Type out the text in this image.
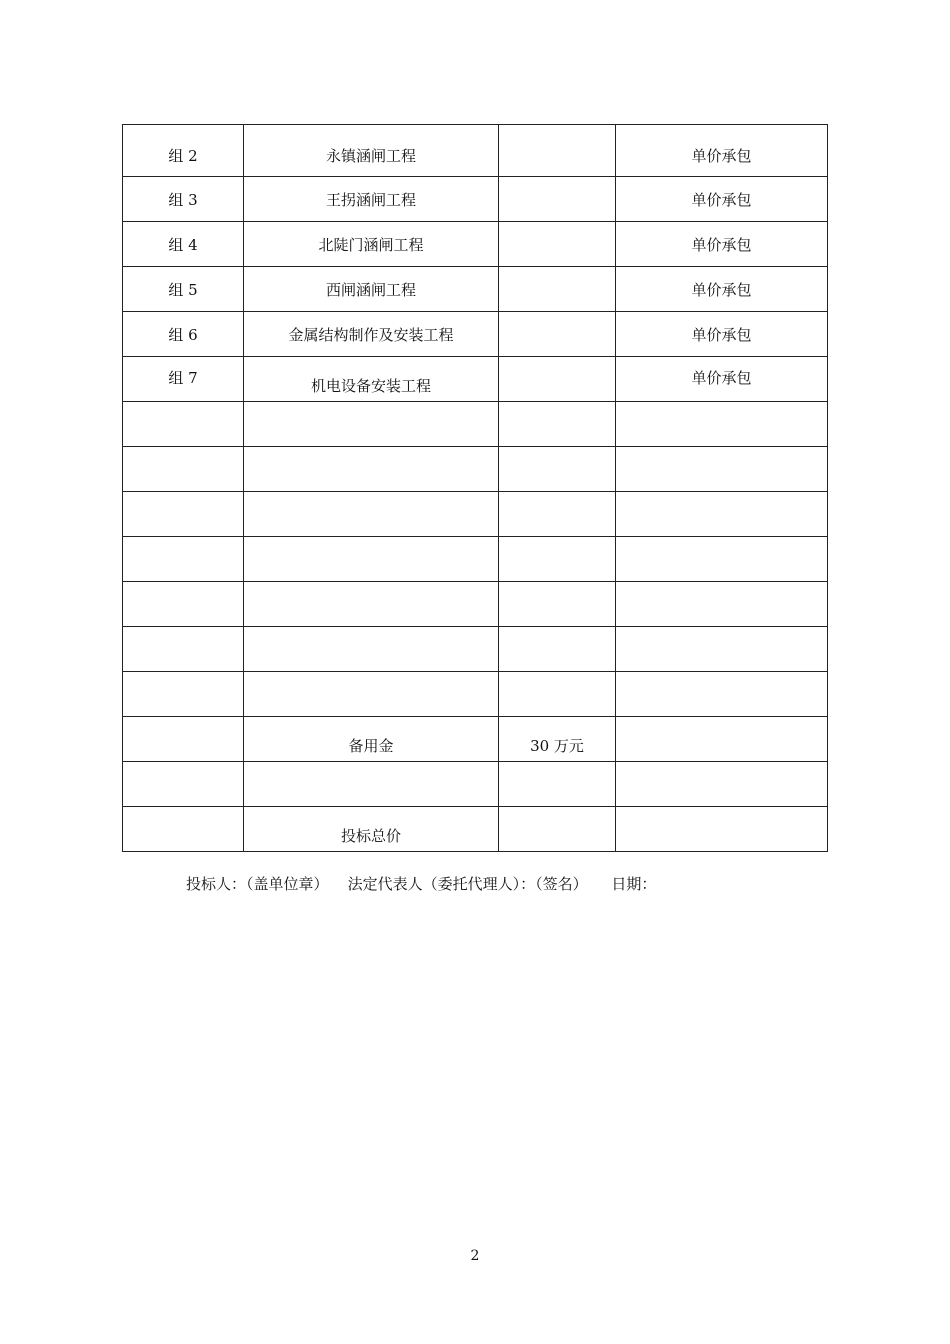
组 2	永镇涵闸工程		单价承包
组 3	王拐涵闸工程		单价承包
组 4	北陡门涵闸工程		单价承包
组 5	西闸涵闸工程		单价承包
组 6	金属结构制作及安装工程		单价承包
组 7	机电设备安装工程		单价承包

	备用金	30 万元	

	投标总价		
投标人：（盖单位章）    法定代表人（委托代理人）：（签名）     日期：
2
